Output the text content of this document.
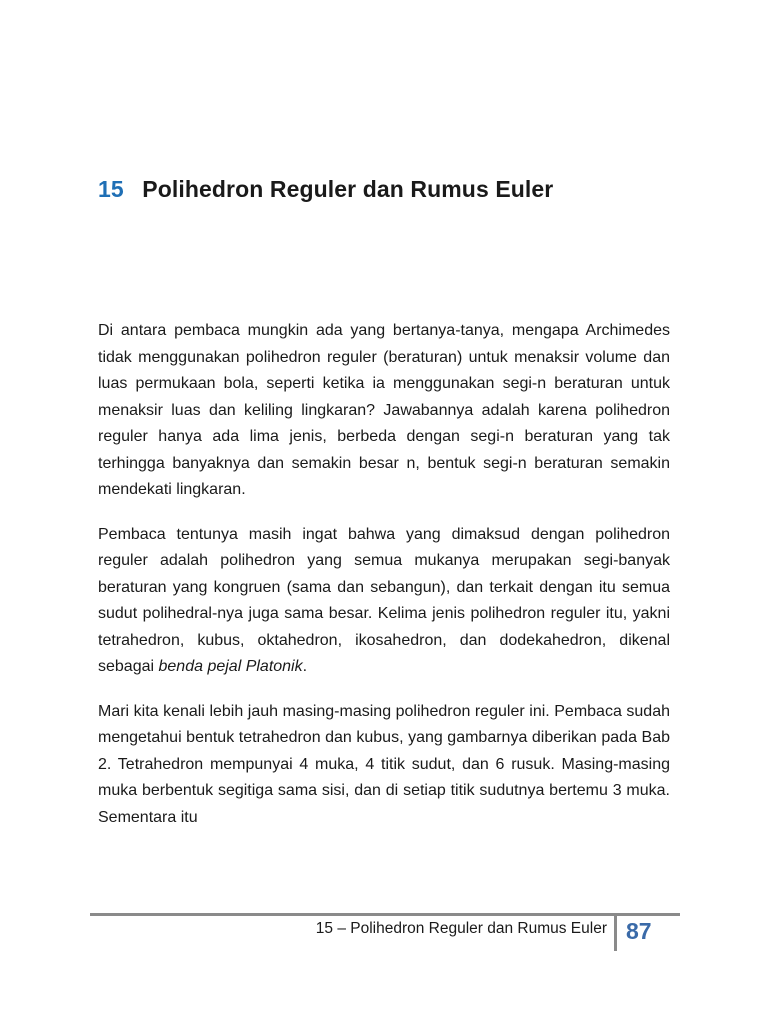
15 Polihedron Reguler dan Rumus Euler

Di antara pembaca mungkin ada yang bertanya-tanya, mengapa Archimedes tidak menggunakan polihedron reguler (beraturan) untuk menaksir volume dan luas permukaan bola, seperti ketika ia menggunakan segi-n beraturan untuk menaksir luas dan keliling lingkaran? Jawabannya adalah karena polihedron reguler hanya ada lima jenis, berbeda dengan segi-n beraturan yang tak terhingga banyaknya dan semakin besar n, bentuk segi-n beraturan semakin mendekati lingkaran.

Pembaca tentunya masih ingat bahwa yang dimaksud dengan polihedron reguler adalah polihedron yang semua mukanya merupakan segi-banyak beraturan yang kongruen (sama dan sebangun), dan terkait dengan itu semua sudut polihedral-nya juga sama besar. Kelima jenis polihedron reguler itu, yakni tetrahedron, kubus, oktahedron, ikosahedron, dan dodekahedron, dikenal sebagai benda pejal Platonik.

Mari kita kenali lebih jauh masing-masing polihedron reguler ini. Pembaca sudah mengetahui bentuk tetrahedron dan kubus, yang gambarnya diberikan pada Bab 2. Tetrahedron mempunyai 4 muka, 4 titik sudut, dan 6 rusuk. Masing-masing muka berbentuk segitiga sama sisi, dan di setiap titik sudutnya bertemu 3 muka. Sementara itu

15 – Polihedron Reguler dan Rumus Euler 87
